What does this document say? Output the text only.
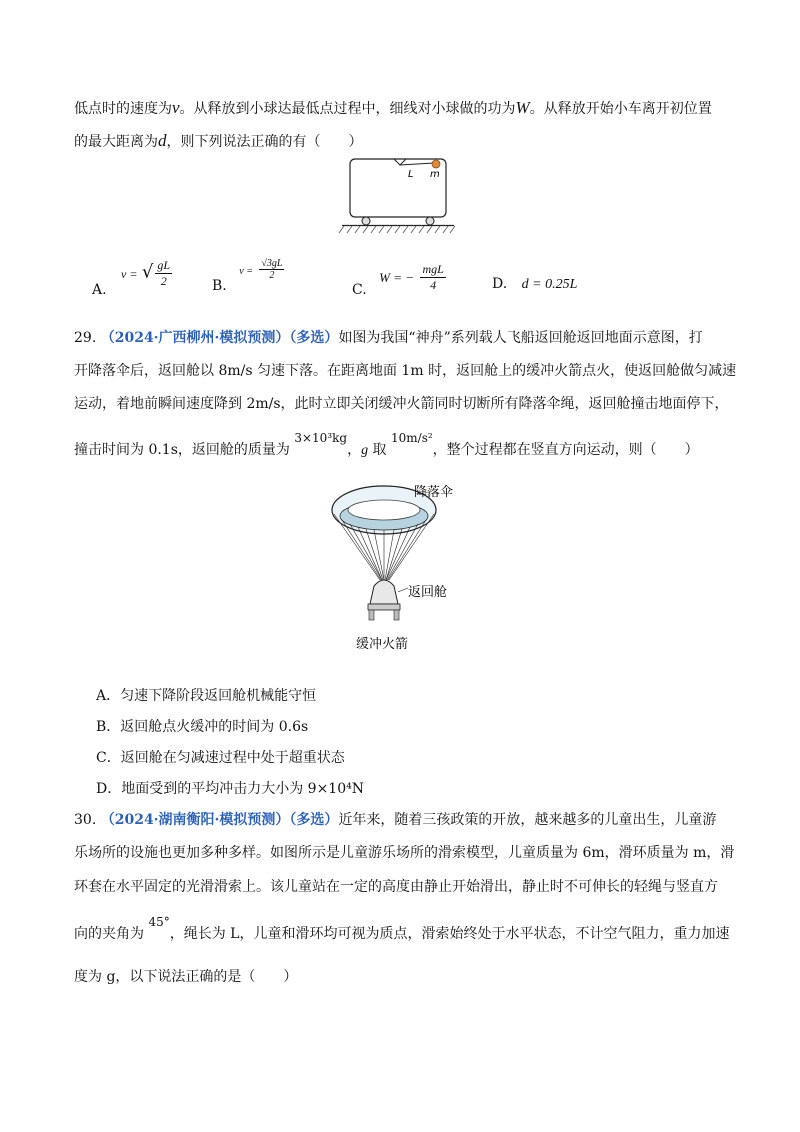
低点时的速度为v。从释放到小球达最低点过程中，细线对小球做的功为W。从释放开始小车离开初位置
的最大距离为d，则下列说法正确的有（　　）
L m
A. v = √ $\frac{gL}{2}$	B. $v = \frac{√3gL}{2}$
C. W = − $\frac{\text{mgL}}{4}$	D. d = 0.25L
29. （2024·广西柳州·模拟预测）（多选）如图为我国“神舟”系列载人飞船返回舱返回地面示意图，打
开降落伞后，返回舱以 8m/s 匀速下落。在距离地面 1m 时，返回舱上的缓冲火箭点火，使返回舱做匀减速
运动，着地前瞬间速度降到 2m/s，此时立即关闭缓冲火箭同时切断所有降落伞绳，返回舱撞击地面停下，
撞击时间为 0.1s，返回舱的质量为 3×10³kg，g 取 10m/s²，整个过程都在竖直方向运动，则（　　）
降落伞
返回舱
缓冲火箭
A．匀速下降阶段返回舱机械能守恒
B．返回舱点火缓冲的时间为 0.6s
C．返回舱在匀减速过程中处于超重状态
D．地面受到的平均冲击力大小为 9×10⁴N
30. （2024·湖南衡阳·模拟预测）（多选）近年来，随着三孩政策的开放，越来越多的儿童出生，儿童游
乐场所的设施也更加多种多样。如图所示是儿童游乐场所的滑索模型，儿童质量为 6m，滑环质量为 m，滑
环套在水平固定的光滑滑索上。该儿童站在一定的高度由静止开始滑出，静止时不可伸长的轻绳与竖直方
向的夹角为 45°，绳长为 L，儿童和滑环均可视为质点，滑索始终处于水平状态，不计空气阻力，重力加速
度为 g，以下说法正确的是（　　）
